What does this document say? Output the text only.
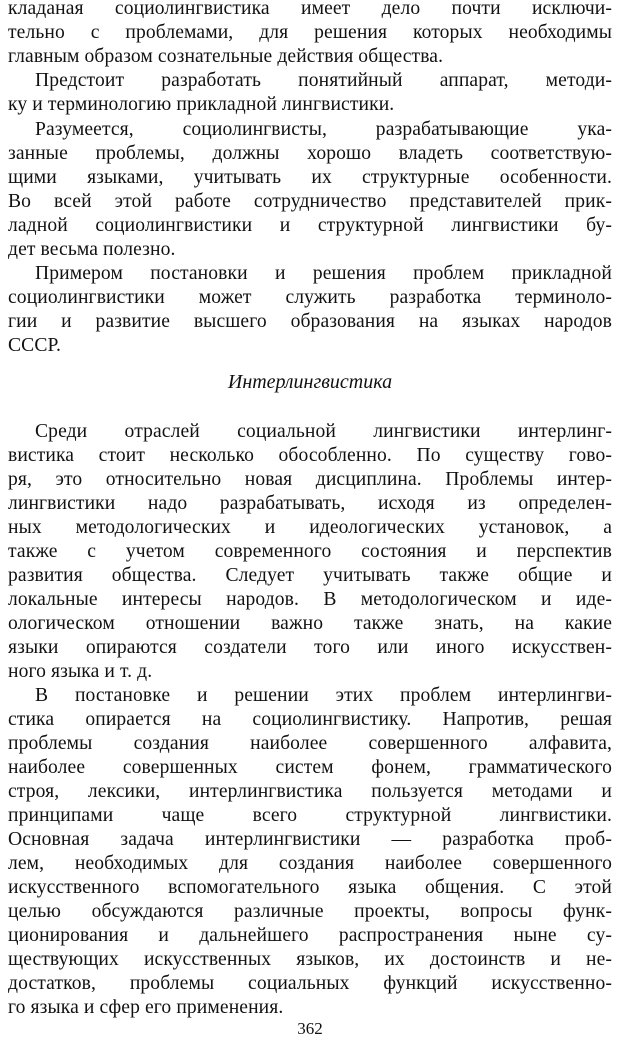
кладаная социолингвистика имеет дело почти исключи-
тельно с проблемами, для решения которых необходимы
главным образом сознательные действия общества.
Предстоит разработать понятийный аппарат, методи-
ку и терминологию прикладной лингвистики.
Разумеется, социолингвисты, разрабатывающие ука-
занные проблемы, должны хорошо владеть соответствую-
щими языками, учитывать их структурные особенности.
Во всей этой работе сотрудничество представителей прик-
ладной социолингвистики и структурной лингвистики бу-
дет весьма полезно.
Примером постановки и решения проблем прикладной
социолингвистики может служить разработка терминоло-
гии и развитие высшего образования на языках народов
СССР.
Интерлингвистика
Среди отраслей социальной лингвистики интерлинг-
вистика стоит несколько обособленно. По существу гово-
ря, это относительно новая дисциплина. Проблемы интер-
лингвистики надо разрабатывать, исходя из определен-
ных методологических и идеологических установок, а
также с учетом современного состояния и перспектив
развития общества. Следует учитывать также общие и
локальные интересы народов. В методологическом и иде-
ологическом отношении важно также знать, на какие
языки опираются создатели того или иного искусствен-
ного языка и т. д.
В постановке и решении этих проблем интерлингви-
стика опирается на социолингвистику. Напротив, решая
проблемы создания наиболее совершенного алфавита,
наиболее совершенных систем фонем, грамматического
строя, лексики, интерлингвистика пользуется методами и
принципами чаще всего структурной лингвистики.
Основная задача интерлингвистики — разработка проб-
лем, необходимых для создания наиболее совершенного
искусственного вспомогательного языка общения. С этой
целью обсуждаются различные проекты, вопросы функ-
ционирования и дальнейшего распространения ныне су-
ществующих искусственных языков, их достоинств и не-
достатков, проблемы социальных функций искусственно-
го языка и сфер его применения.
362
